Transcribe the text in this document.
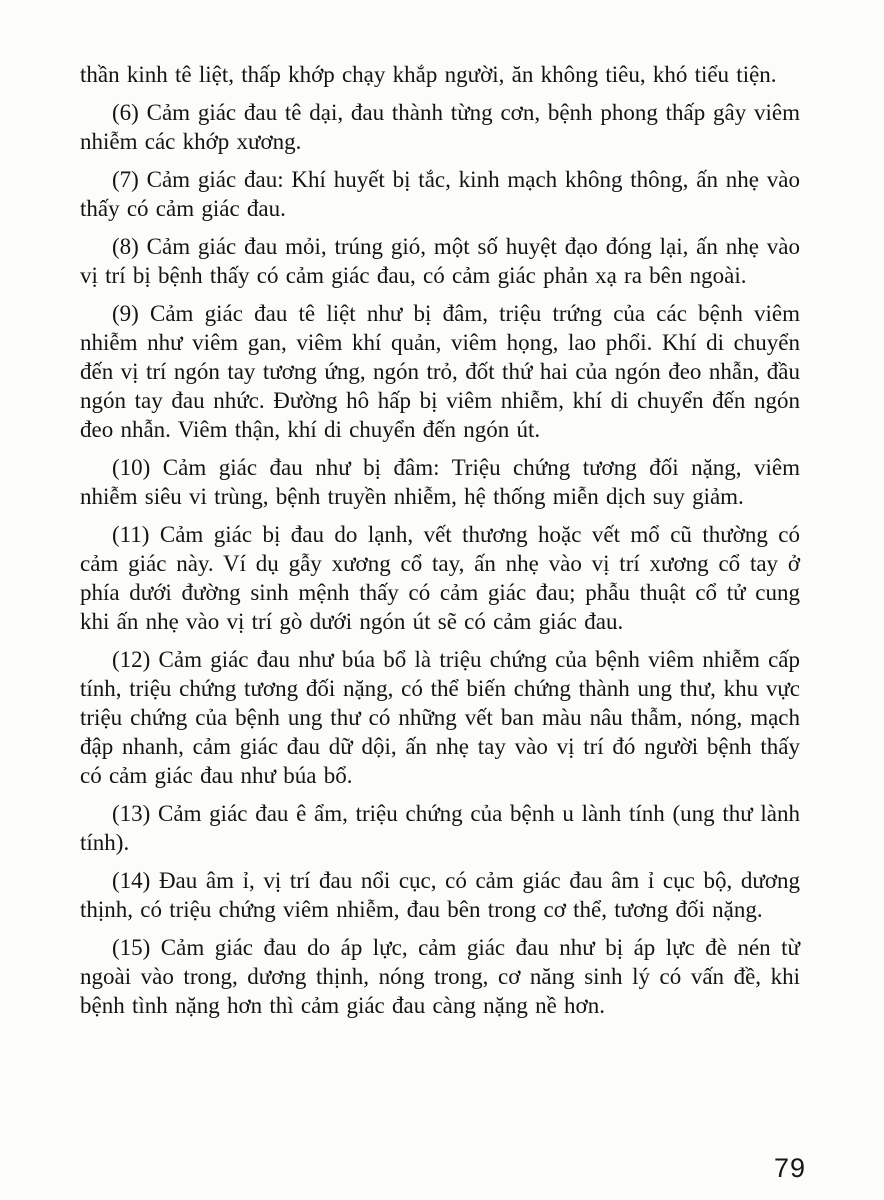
thần kinh tê liệt, thấp khớp chạy khắp người, ăn không tiêu, khó tiểu tiện.

(6) Cảm giác đau tê dại, đau thành từng cơn, bệnh phong thấp gây viêm nhiễm các khớp xương.

(7) Cảm giác đau: Khí huyết bị tắc, kinh mạch không thông, ấn nhẹ vào thấy có cảm giác đau.

(8) Cảm giác đau mỏi, trúng gió, một số huyệt đạo đóng lại, ấn nhẹ vào vị trí bị bệnh thấy có cảm giác đau, có cảm giác phản xạ ra bên ngoài.

(9) Cảm giác đau tê liệt như bị đâm, triệu trứng của các bệnh viêm nhiễm như viêm gan, viêm khí quản, viêm họng, lao phổi. Khí di chuyển đến vị trí ngón tay tương ứng, ngón trỏ, đốt thứ hai của ngón đeo nhẫn, đầu ngón tay đau nhức. Đường hô hấp bị viêm nhiễm, khí di chuyển đến ngón đeo nhẫn. Viêm thận, khí di chuyển đến ngón út.

(10) Cảm giác đau như bị đâm: Triệu chứng tương đối nặng, viêm nhiễm siêu vi trùng, bệnh truyền nhiễm, hệ thống miễn dịch suy giảm.

(11) Cảm giác bị đau do lạnh, vết thương hoặc vết mổ cũ thường có cảm giác này. Ví dụ gẫy xương cổ tay, ấn nhẹ vào vị trí xương cổ tay ở phía dưới đường sinh mệnh thấy có cảm giác đau; phẫu thuật cổ tử cung khi ấn nhẹ vào vị trí gò dưới ngón út sẽ có cảm giác đau.

(12) Cảm giác đau như búa bổ là triệu chứng của bệnh viêm nhiễm cấp tính, triệu chứng tương đối nặng, có thể biến chứng thành ung thư, khu vực triệu chứng của bệnh ung thư có những vết ban màu nâu thẫm, nóng, mạch đập nhanh, cảm giác đau dữ dội, ấn nhẹ tay vào vị trí đó người bệnh thấy có cảm giác đau như búa bổ.

(13) Cảm giác đau ê ẩm, triệu chứng của bệnh u lành tính (ung thư lành tính).

(14) Đau âm ỉ, vị trí đau nổi cục, có cảm giác đau âm ỉ cục bộ, dương thịnh, có triệu chứng viêm nhiễm, đau bên trong cơ thể, tương đối nặng.

(15) Cảm giác đau do áp lực, cảm giác đau như bị áp lực đè nén từ ngoài vào trong, dương thịnh, nóng trong, cơ năng sinh lý có vấn đề, khi bệnh tình nặng hơn thì cảm giác đau càng nặng nề hơn.

79
